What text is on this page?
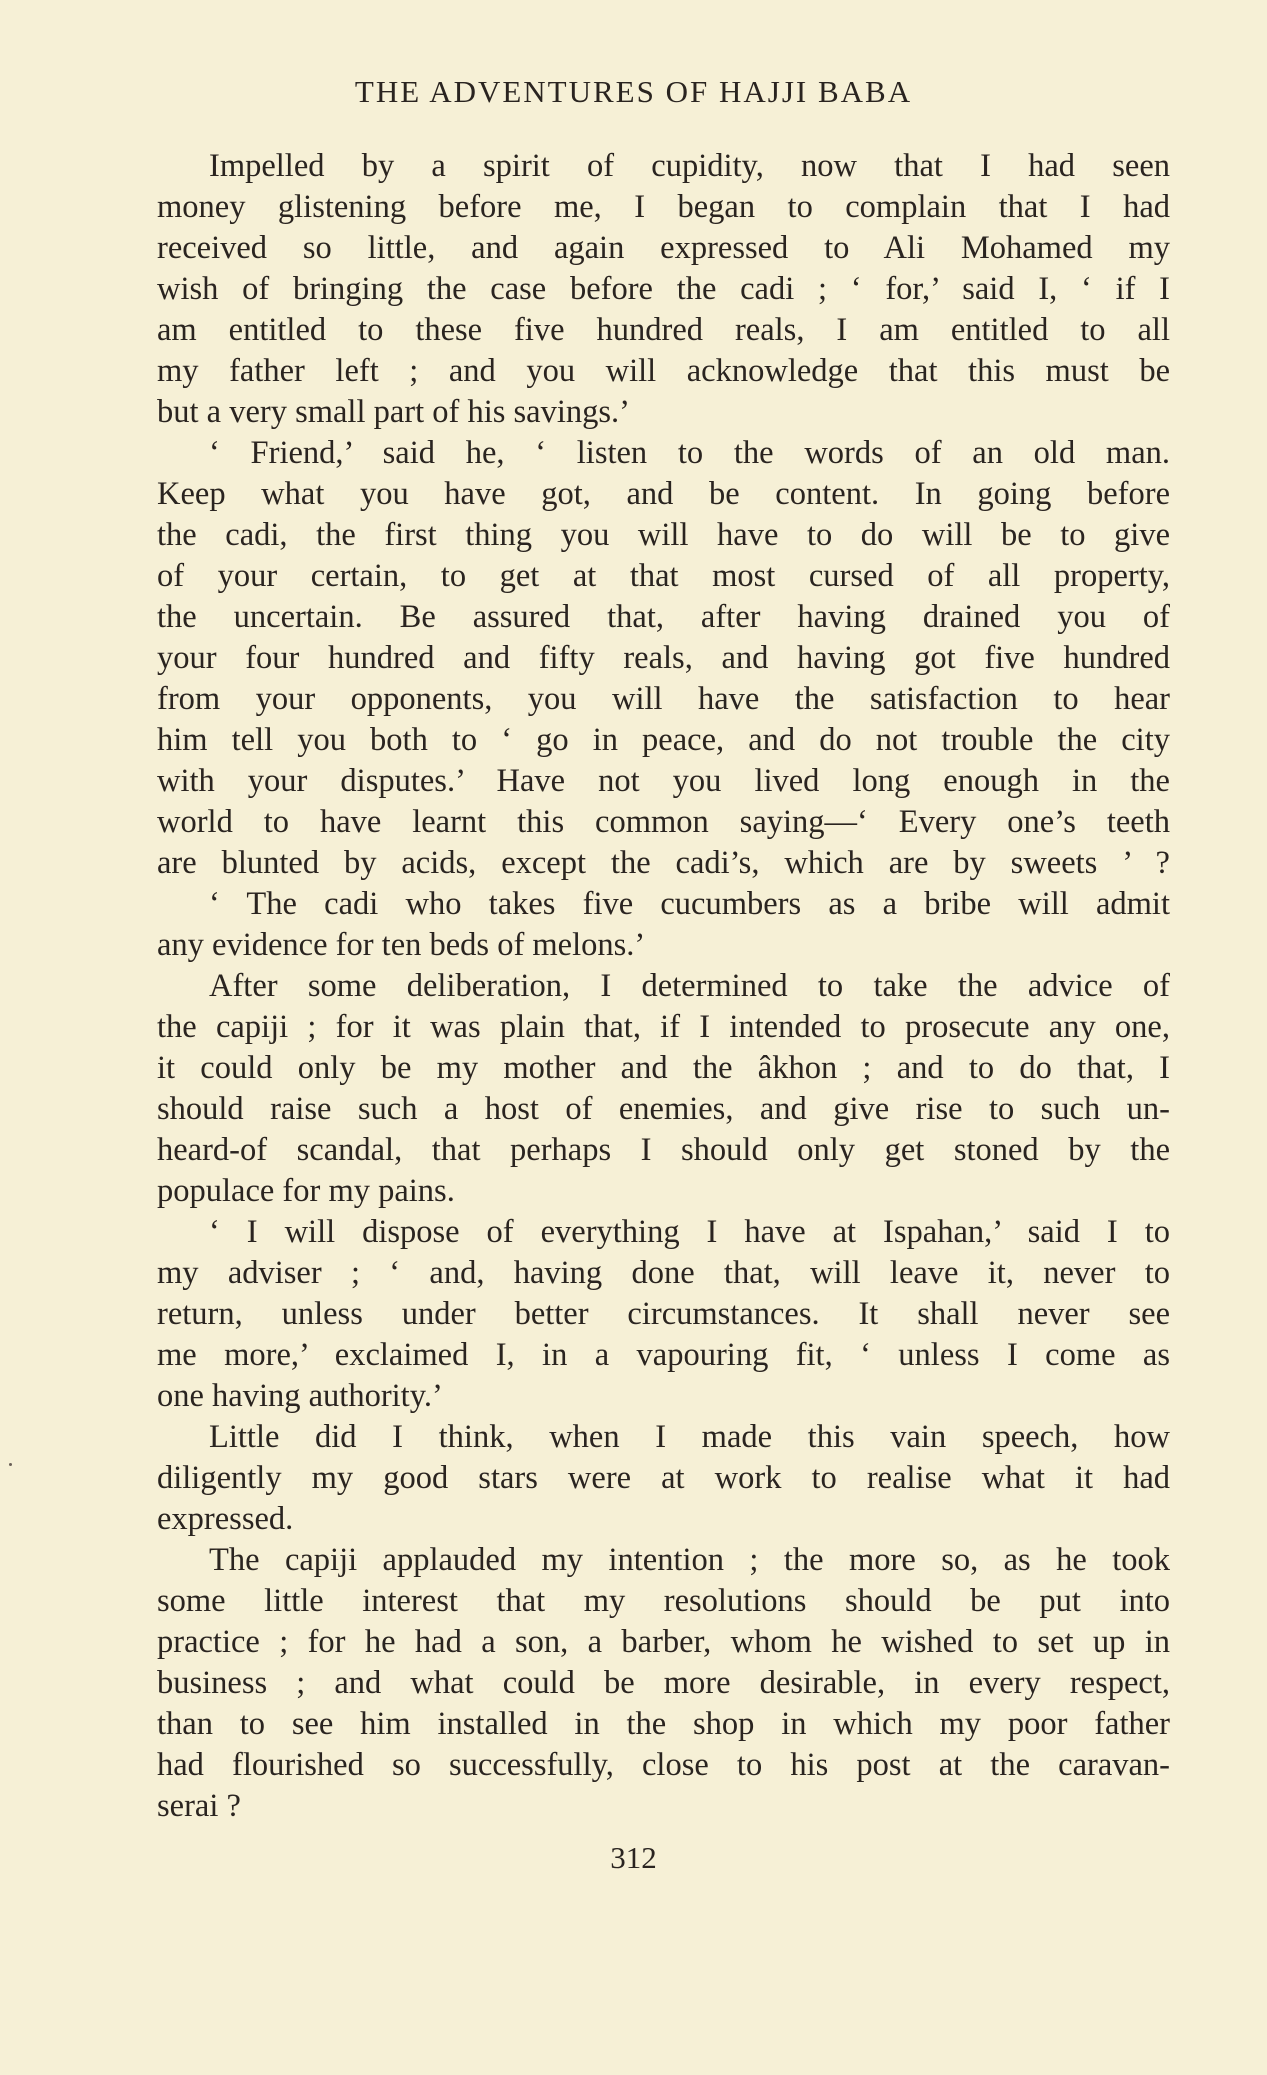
THE ADVENTURES OF HAJJI BABA
Impelled by a spirit of cupidity, now that I had seen
money glistening before me, I began to complain that I had
received so little, and again expressed to Ali Mohamed my
wish of bringing the case before the cadi ; ‘ for,’ said I, ‘ if I
am entitled to these five hundred reals, I am entitled to all
my father left ; and you will acknowledge that this must be
but a very small part of his savings.’
‘ Friend,’ said he, ‘ listen to the words of an old man.
Keep what you have got, and be content. In going before
the cadi, the first thing you will have to do will be to give
of your certain, to get at that most cursed of all property,
the uncertain. Be assured that, after having drained you of
your four hundred and fifty reals, and having got five hundred
from your opponents, you will have the satisfaction to hear
him tell you both to ‘ go in peace, and do not trouble the city
with your disputes.’ Have not you lived long enough in the
world to have learnt this common saying—‘ Every one’s teeth
are blunted by acids, except the cadi’s, which are by sweets ’ ?
‘ The cadi who takes five cucumbers as a bribe will admit
any evidence for ten beds of melons.’
After some deliberation, I determined to take the advice of
the capiji ; for it was plain that, if I intended to prosecute any one,
it could only be my mother and the âkhon ; and to do that, I
should raise such a host of enemies, and give rise to such un-
heard-of scandal, that perhaps I should only get stoned by the
populace for my pains.
‘ I will dispose of everything I have at Ispahan,’ said I to
my adviser ; ‘ and, having done that, will leave it, never to
return, unless under better circumstances. It shall never see
me more,’ exclaimed I, in a vapouring fit, ‘ unless I come as
one having authority.’
Little did I think, when I made this vain speech, how
diligently my good stars were at work to realise what it had
expressed.
The capiji applauded my intention ; the more so, as he took
some little interest that my resolutions should be put into
practice ; for he had a son, a barber, whom he wished to set up in
business ; and what could be more desirable, in every respect,
than to see him installed in the shop in which my poor father
had flourished so successfully, close to his post at the caravan-
serai ?
312
